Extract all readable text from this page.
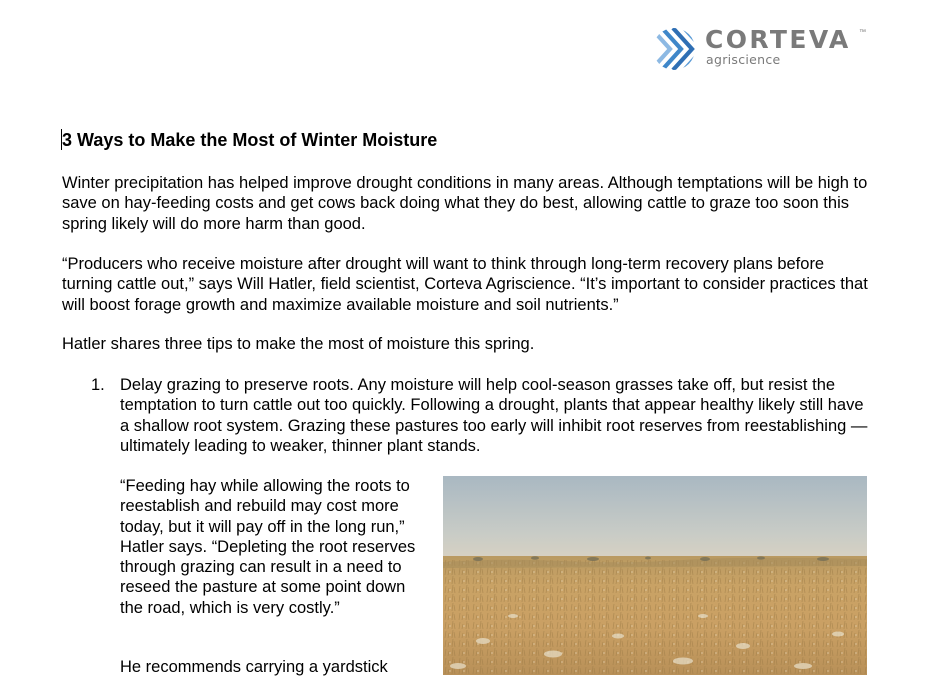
CORTEVA ™
agriscience
3 Ways to Make the Most of Winter Moisture
Winter precipitation has helped improve drought conditions in many areas. Although temptations will be high to save on hay-feeding costs and get cows back doing what they do best, allowing cattle to graze too soon this spring likely will do more harm than good.
“Producers who receive moisture after drought will want to think through long-term recovery plans before turning cattle out,” says Will Hatler, field scientist, Corteva Agriscience. “It’s important to consider practices that will boost forage growth and maximize available moisture and soil nutrients.”
Hatler shares three tips to make the most of moisture this spring.
1. Delay grazing to preserve roots. Any moisture will help cool-season grasses take off, but resist the temptation to turn cattle out too quickly. Following a drought, plants that appear healthy likely still have a shallow root system. Grazing these pastures too early will inhibit root reserves from reestablishing — ultimately leading to weaker, thinner plant stands.
“Feeding hay while allowing the roots to reestablish and rebuild may cost more today, but it will pay off in the long run,” Hatler says. “Depleting the root reserves through grazing can result in a need to reseed the pasture at some point down the road, which is very costly.”
He recommends carrying a yardstick
